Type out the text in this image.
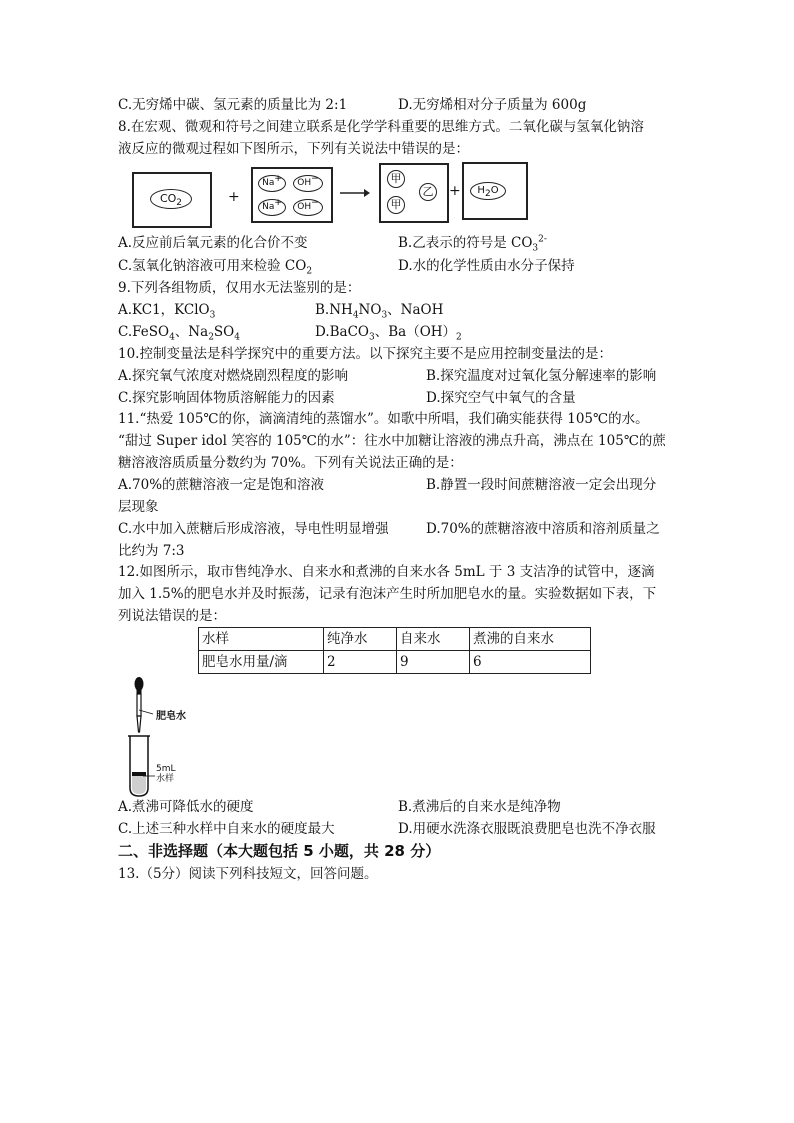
C.无穷烯中碳、氢元素的质量比为 2:1	D.无穷烯相对分子质量为 600g
8.在宏观、微观和符号之间建立联系是化学学科重要的思维方式。二氧化碳与氢氧化钠溶
液反应的微观过程如下图所示，下列有关说法中错误的是：
$CO_2$	+
Na+	OH−
Na+	OH−
甲
乙
甲
+	$H_2O$
A.反应前后氧元素的化合价不变	B.乙表示的符号是 $CO_3^{2-}$
C.氢氧化钠溶液可用来检验 $CO_2$	D.水的化学性质由水分子保持
9.下列各组物质，仅用水无法鉴别的是：
A.KC1，KClO$_3$	$B.NH_4NO_3$、NaOH
C.FeSO$_4$、$Na_2SO_4$	D.BaCO$_3$、$Ba(OH)_2$
10.控制变量法是科学探究中的重要方法。以下探究主要不是应用控制变量法的是：
A.探究氧气浓度对燃烧剧烈程度的影响	B.探究温度对过氧化氢分解速率的影响
C.探究影响固体物质溶解能力的因素	D.探究空气中氧气的含量
11.“热爱 105℃的你，滴滴清纯的蒸馏水”。如歌中所唱，我们确实能获得 105℃的水。
“甜过 Super idol 笑容的 105℃的水”：往水中加糖让溶液的沸点升高，沸点在 105℃的蔗
糖溶液溶质质量分数约为 70%。下列有关说法正确的是：
A.70%的蔗糖溶液一定是饱和溶液	B.静置一段时间蔗糖溶液一定会出现分
层现象
C.水中加入蔗糖后形成溶液，导电性明显增强	D.70%的蔗糖溶液中溶质和溶剂质量之
比约为 7:3
12.如图所示，取市售纯净水、自来水和煮沸的自来水各 5mL 于 3 支洁净的试管中，逐滴
加入 1.5%的肥皂水并及时振荡，记录有泡沫产生时所加肥皂水的量。实验数据如下表，下
列说法错误的是：
水样	纯净水	自来水	煮沸的自来水
肥皂水用量/滴	2	9	6
肥皂水
5mL
水样
A.煮沸可降低水的硬度	B.煮沸后的自来水是纯净物
C.上述三种水样中自来水的硬度最大	D.用硬水洗涤衣服既浪费肥皂也洗不净衣服
二、非选择题（本大题包括 5 小题，共 28 分）
13.（5分）阅读下列科技短文，回答问题。
